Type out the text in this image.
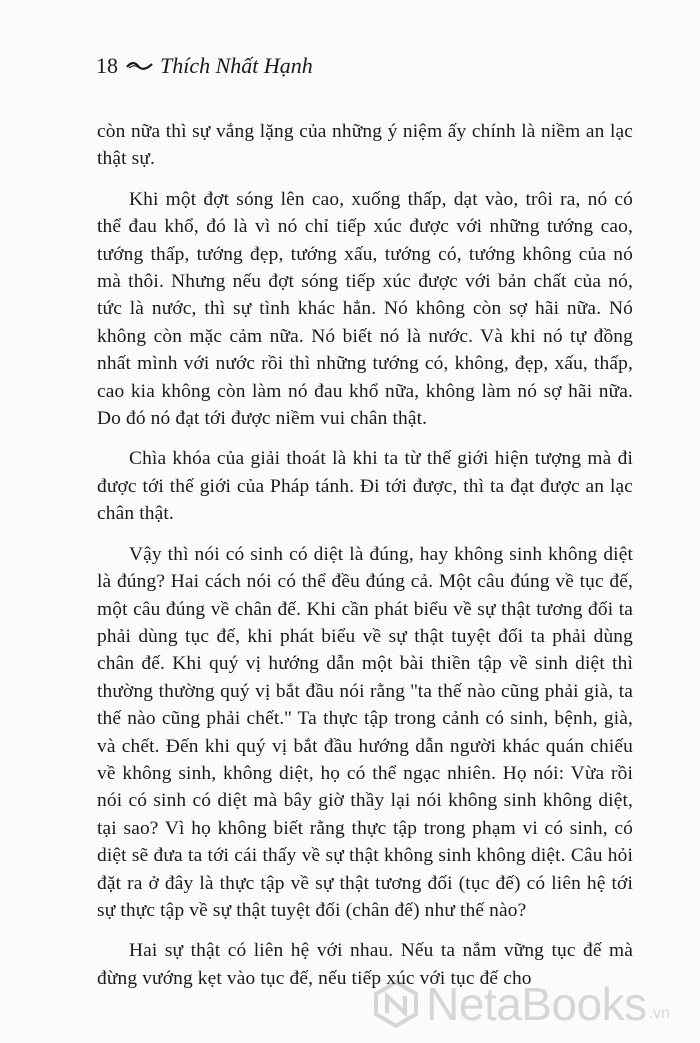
18 Thích Nhất Hạnh

còn nữa thì sự vắng lặng của những ý niệm ấy chính là niềm an lạc thật sự.

Khi một đợt sóng lên cao, xuống thấp, dạt vào, trôi ra, nó có thể đau khổ, đó là vì nó chỉ tiếp xúc được với những tướng cao, tướng thấp, tướng đẹp, tướng xấu, tướng có, tướng không của nó mà thôi. Nhưng nếu đợt sóng tiếp xúc được với bản chất của nó, tức là nước, thì sự tình khác hẳn. Nó không còn sợ hãi nữa. Nó không còn mặc cảm nữa. Nó biết nó là nước. Và khi nó tự đồng nhất mình với nước rồi thì những tướng có, không, đẹp, xấu, thấp, cao kia không còn làm nó đau khổ nữa, không làm nó sợ hãi nữa. Do đó nó đạt tới được niềm vui chân thật.

Chìa khóa của giải thoát là khi ta từ thế giới hiện tượng mà đi được tới thế giới của Pháp tánh. Đi tới được, thì ta đạt được an lạc chân thật.

Vậy thì nói có sinh có diệt là đúng, hay không sinh không diệt là đúng? Hai cách nói có thể đều đúng cả. Một câu đúng về tục đế, một câu đúng về chân đế. Khi cần phát biểu về sự thật tương đối ta phải dùng tục đế, khi phát biểu về sự thật tuyệt đối ta phải dùng chân đế. Khi quý vị hướng dẫn một bài thiền tập về sinh diệt thì thường thường quý vị bắt đầu nói rằng ''ta thế nào cũng phải già, ta thế nào cũng phải chết.'' Ta thực tập trong cảnh có sinh, bệnh, già, và chết. Đến khi quý vị bắt đầu hướng dẫn người khác quán chiếu về không sinh, không diệt, họ có thể ngạc nhiên. Họ nói: Vừa rồi nói có sinh có diệt mà bây giờ thầy lại nói không sinh không diệt, tại sao? Vì họ không biết rằng thực tập trong phạm vi có sinh, có diệt sẽ đưa ta tới cái thấy về sự thật không sinh không diệt. Câu hỏi đặt ra ở đây là thực tập về sự thật tương đối (tục đế) có liên hệ tới sự thực tập về sự thật tuyệt đối (chân đế) như thế nào?

Hai sự thật có liên hệ với nhau. Nếu ta nắm vững tục đế mà đừng vướng kẹt vào tục đế, nếu tiếp xúc với tục đế cho

NetaBooks .vn
